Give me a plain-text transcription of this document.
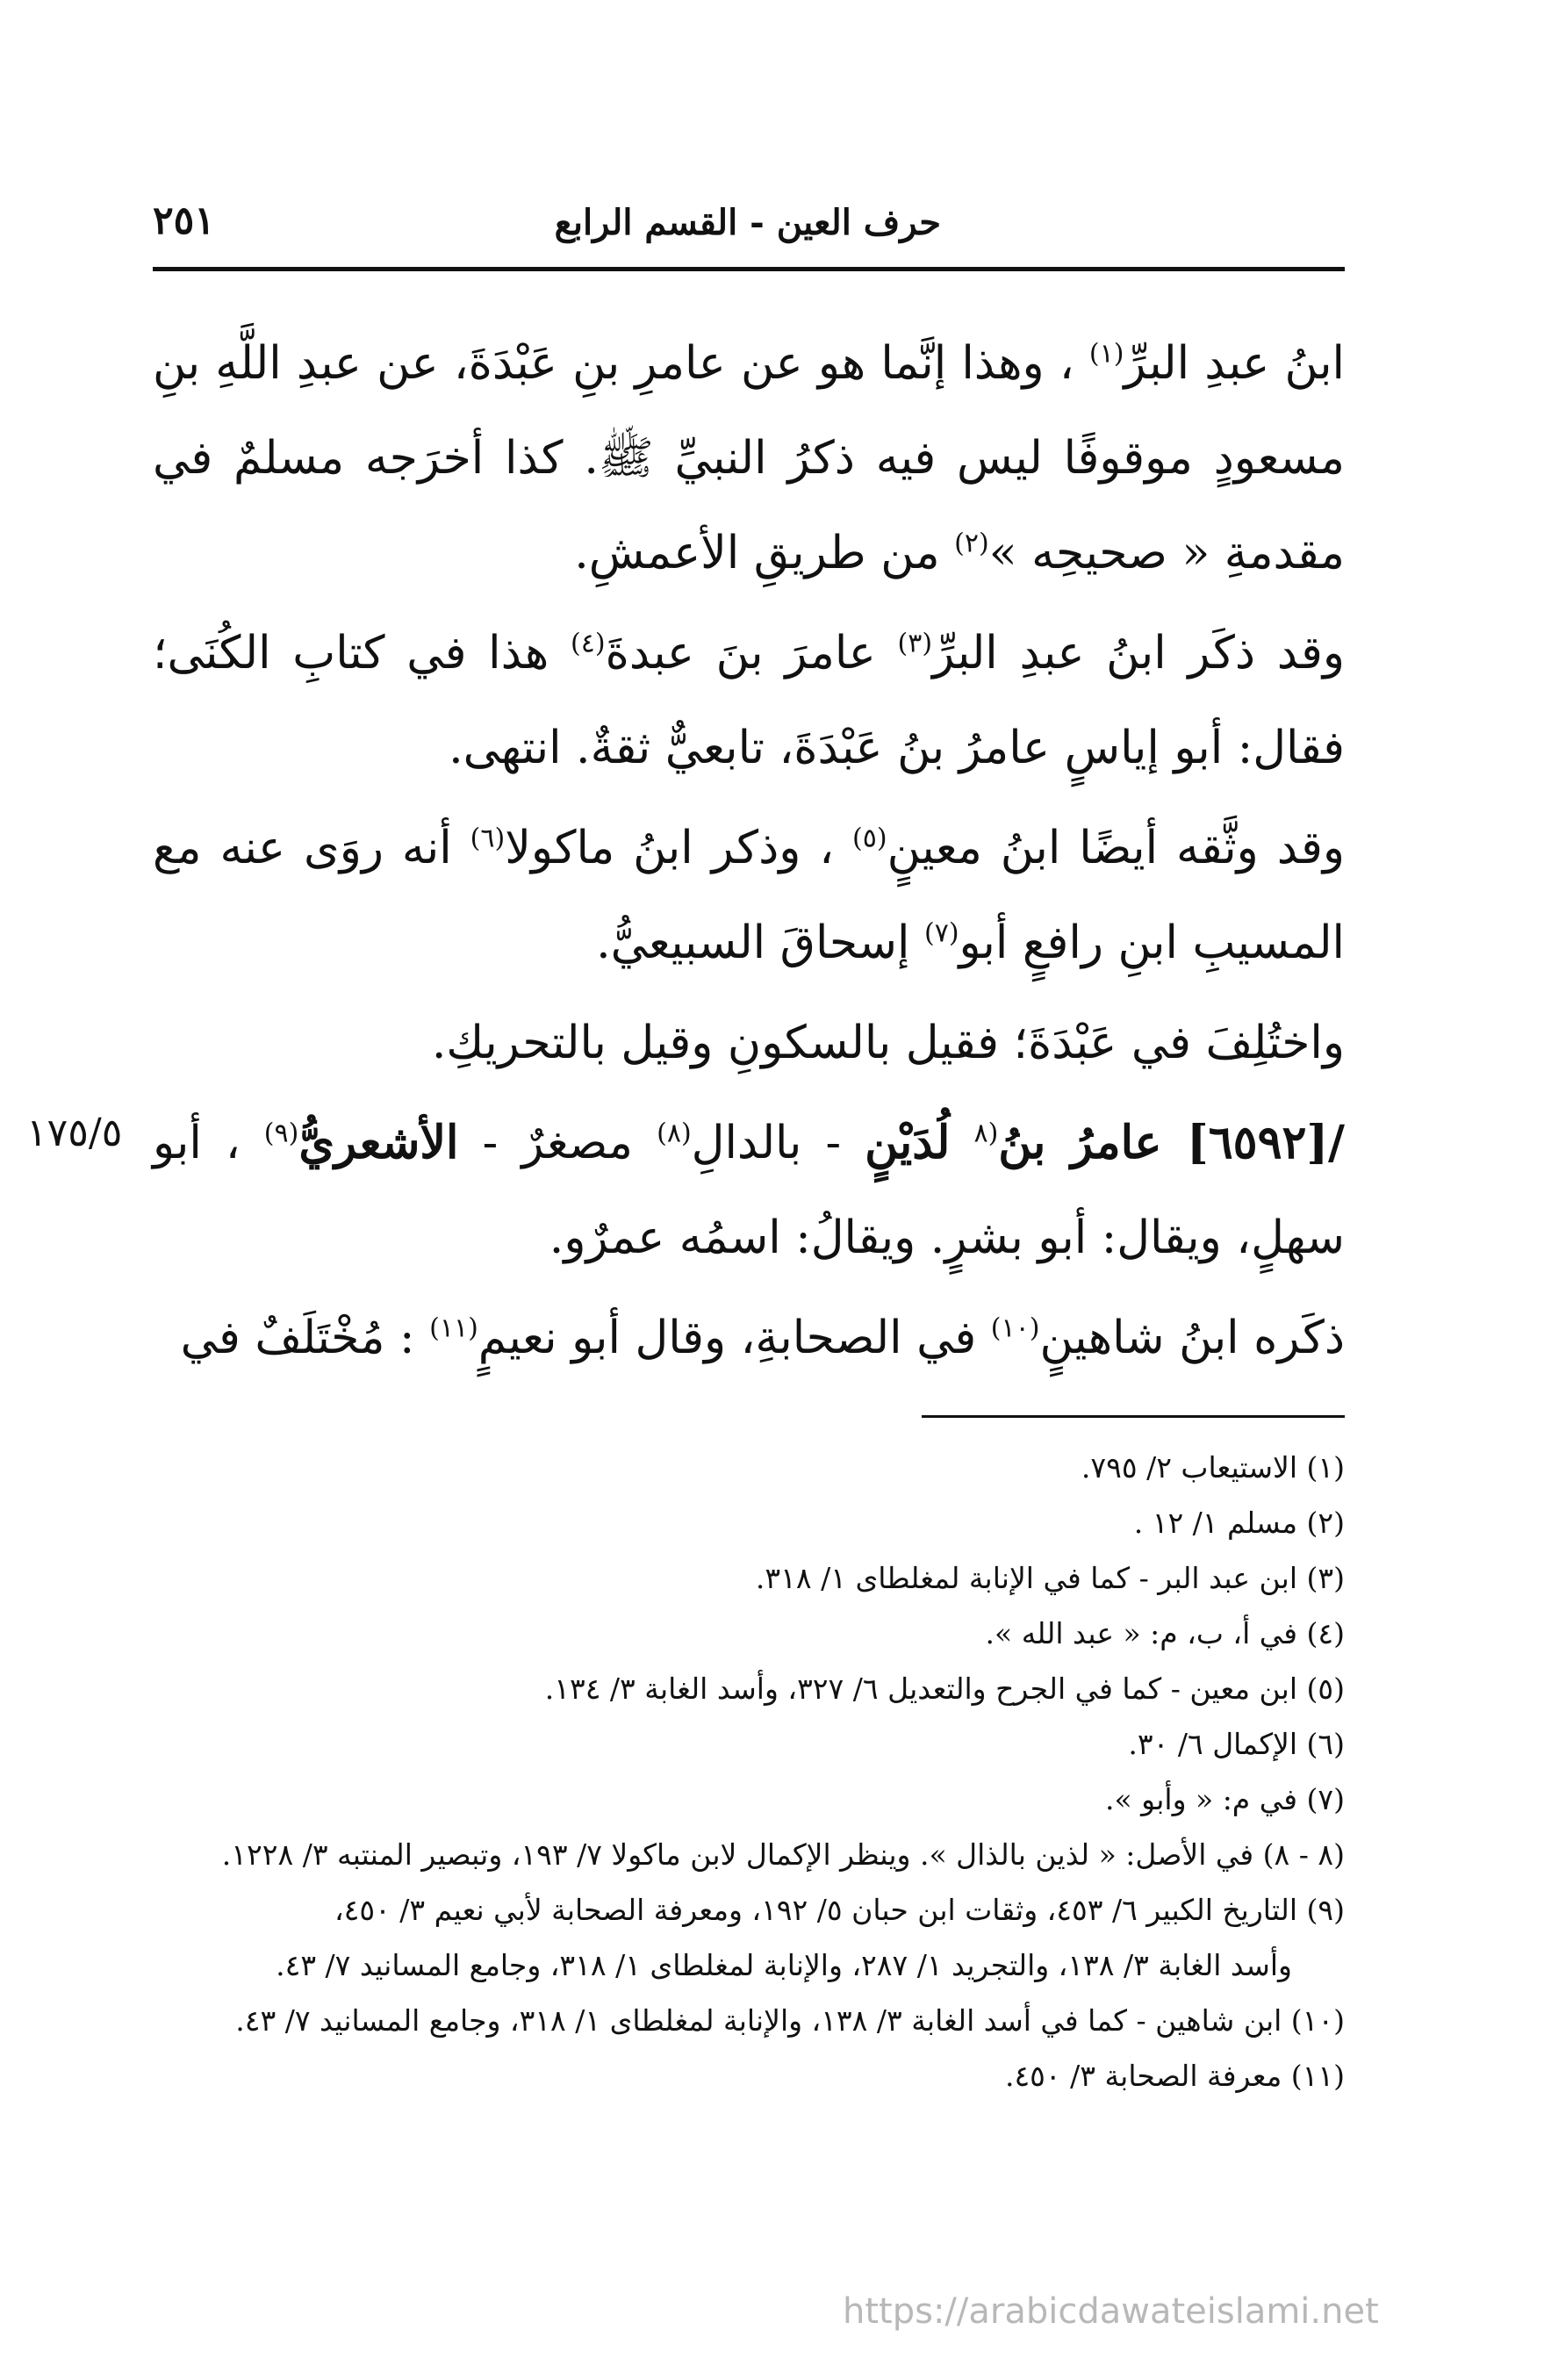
حرف العين - القسم الرابع
٢٥١

ابنُ عبدِ البرِّ$^{(١)}$ ، وهذا إنَّما هو عن عامرِ بنِ عَبْدَةَ، عن عبدِ اللَّهِ بنِ مسعودٍ موقوفًا ليس فيه ذكرُ النبيِّ ﷺ. كذا أخرَجه مسلمٌ في مقدمةِ « صحيحِه »$^{(٢)}$ من طريقِ الأعمشِ.

وقد ذكَر ابنُ عبدِ البرِّ$^{(٣)}$ عامرَ بنَ عبدةَ$^{(٤)}$ هذا في كتابِ الكُنَى؛ فقال: أبو إياسٍ عامرُ بنُ عَبْدَةَ، تابعيٌّ ثقةٌ. انتهى.

وقد وثَّقه أيضًا ابنُ معينٍ$^{(٥)}$ ، وذكر ابنُ ماكولا$^{(٦)}$ أنه روَى عنه مع المسيبِ ابنِ رافعٍ أبو$^{(٧)}$ إسحاقَ السبيعيُّ.

واختُلِفَ في عَبْدَةَ؛ فقيل بالسكونِ وقيل بالتحريكِ.

/[٦٥٩٢] عامرُ بنُ$^{(٨}$ لُدَيْنٍ - بالدالِ$^{(٨)}$ مصغرٌ - الأشعريُّ$^{(٩)}$ ، أبو سهلٍ، ويقال: أبو بشرٍ. ويقالُ: اسمُه عمرٌو.

ذكَره ابنُ شاهينٍ$^{(١٠)}$ في الصحابةِ، وقال أبو نعيمٍ$^{(١١)}$ : مُخْتَلَفٌ في

١٧٥/٥

(١) الاستيعاب ٢/ ٧٩٥.

(٢) مسلم ١/ ١٢ .

(٣) ابن عبد البر - كما في الإنابة لمغلطاى ١/ ٣١٨.

(٤) في أ، ب، م: « عبد الله ».

(٥) ابن معين - كما في الجرح والتعديل ٦/ ٣٢٧، وأسد الغابة ٣/ ١٣٤.

(٦) الإكمال ٦/ ٣٠.

(٧) في م: « وأبو ».

(٨ - ٨) في الأصل: « لذين بالذال ». وينظر الإكمال لابن ماكولا ٧/ ١٩٣، وتبصير المنتبه ٣/ ١٢٢٨.

(٩) التاريخ الكبير ٦/ ٤٥٣، وثقات ابن حبان ٥/ ١٩٢، ومعرفة الصحابة لأبي نعيم ٣/ ٤٥٠،

وأسد الغابة ٣/ ١٣٨، والتجريد ١/ ٢٨٧، والإنابة لمغلطاى ١/ ٣١٨، وجامع المسانيد ٧/ ٤٣.

(١٠) ابن شاهين - كما في أسد الغابة ٣/ ١٣٨، والإنابة لمغلطاى ١/ ٣١٨، وجامع المسانيد ٧/ ٤٣.

(١١) معرفة الصحابة ٣/ ٤٥٠.

https://arabicdawateislami.net
